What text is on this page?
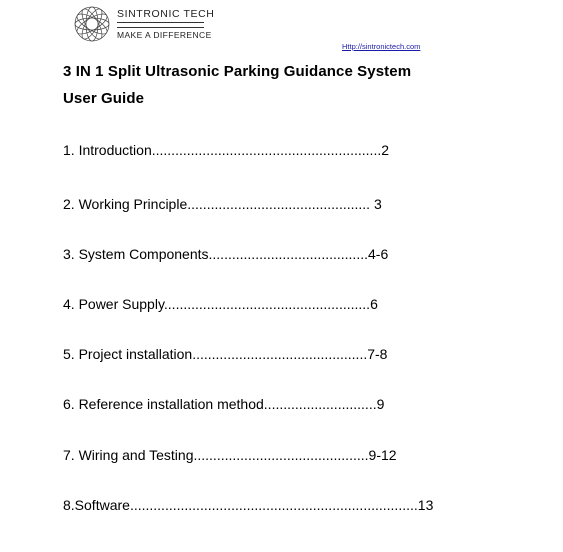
SINTRONIC TECH
MAKE A DIFFERENCE
Http://sintronictech.com
3 IN 1 Split Ultrasonic Parking Guidance System
User Guide
1. Introduction...........................................................2
2. Working Principle............................................... 3
3. System Components.........................................4-6
4. Power Supply.....................................................6
5. Project installation.............................................7-8
6. Reference installation method.............................9
7. Wiring and Testing.............................................9-12
8.Software..........................................................................13
